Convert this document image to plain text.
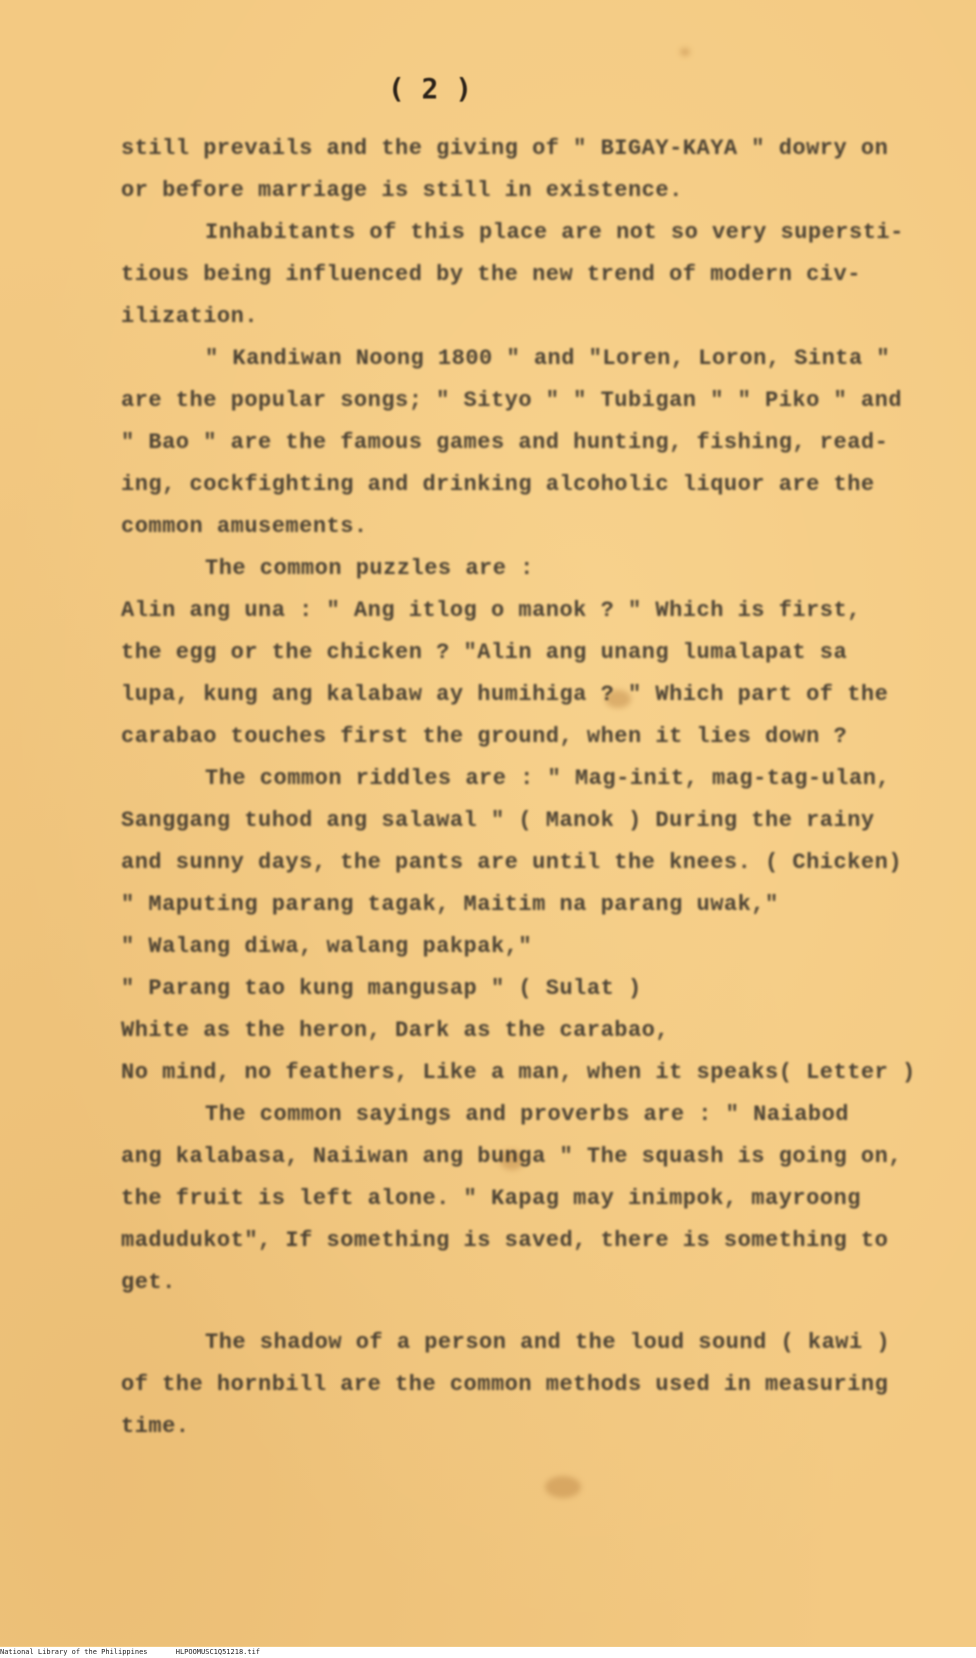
( 2 )
still prevails and the giving of " BIGAY-KAYA " dowry on
or before marriage is still in existence.
Inhabitants of this place are not so very supersti-
tious being influenced by the new trend of modern civ-
ilization.
" Kandiwan Noong 1800 " and "Loren, Loron, Sinta "
are the popular songs; " Sityo " " Tubigan " " Piko " and
" Bao " are the famous games and hunting, fishing, read-
ing, cockfighting and drinking alcoholic liquor are the
common amusements.
The common puzzles are :
Alin ang una : " Ang itlog o manok ? " Which is first,
the egg or the chicken ? "Alin ang unang lumalapat sa
lupa, kung ang kalabaw ay humihiga ? " Which part of the
carabao touches first the ground, when it lies down ?
The common riddles are : " Mag-init, mag-tag-ulan,
Sanggang tuhod ang salawal " ( Manok ) During the rainy
and sunny days, the pants are until the knees. ( Chicken)
" Maputing parang tagak, Maitim na parang uwak,"
" Walang diwa, walang pakpak,"
" Parang tao kung mangusap " ( Sulat )
White as the heron, Dark as the carabao,
No mind, no feathers, Like a man, when it speaks( Letter )
The common sayings and proverbs are : " Naiabod
ang kalabasa, Naiiwan ang bunga " The squash is going on,
the fruit is left alone. " Kapag may inimpok, mayroong
madudukot", If something is saved, there is something to
get.
The shadow of a person and the loud sound ( kawi )
of the hornbill are the common methods used in measuring
time.
National Library of the Philippines	HLPOOMUSC1Q51218.tif
